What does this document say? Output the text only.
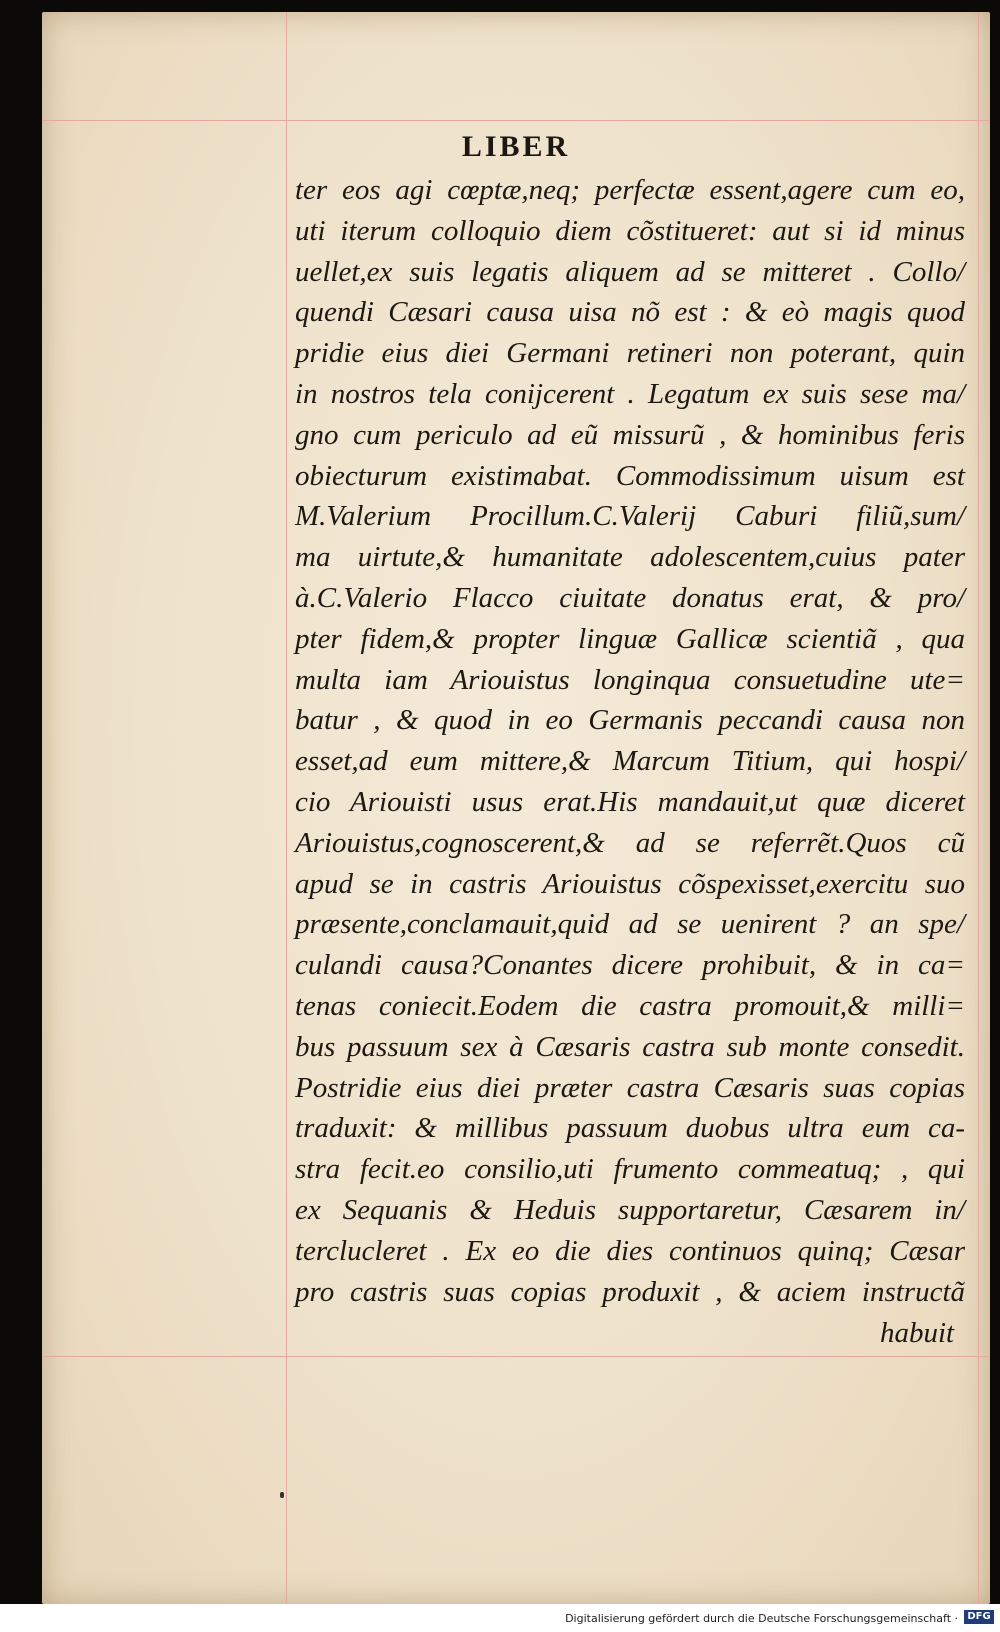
LIBER
ter eos agi cœptæ,neq; perfectæ essent,agere cum eo,
uti iterum colloquio diem cõstitueret: aut si id minus
uellet,ex suis legatis aliquem ad se mitteret . Collo/
quendi Cæsari causa uisa nõ est : & eò magis quod
pridie eius diei Germani retineri non poterant, quin
in nostros tela conijcerent . Legatum ex suis sese ma/
gno cum periculo ad eũ missurũ , & hominibus feris
obiecturum existimabat. Commodissimum uisum est
M.Valerium Procillum.C.Valerij Caburi filiũ,sum/
ma uirtute,& humanitate adolescentem,cuius pater
à.C.Valerio Flacco ciuitate donatus erat, & pro/
pter fidem,& propter linguæ Gallicæ scientiã , qua
multa iam Ariouistus longinqua consuetudine ute=
batur , & quod in eo Germanis peccandi causa non
esset,ad eum mittere,& Marcum Titium, qui hospi/
cio Ariouisti usus erat.His mandauit,ut quæ diceret
Ariouistus,cognoscerent,& ad se referrẽt.Quos cũ
apud se in castris Ariouistus cõspexisset,exercitu suo
præsente,conclamauit,quid ad se uenirent ? an spe/
culandi causa?Conantes dicere prohibuit, & in ca=
tenas coniecit.Eodem die castra promouit,& milli=
bus passuum sex à Cæsaris castra sub monte consedit.
Postridie eius diei præter castra Cæsaris suas copias
traduxit: & millibus passuum duobus ultra eum ca-
stra fecit.eo consilio,uti frumento commeatuq; , qui
ex Sequanis & Heduis supportaretur, Cæsarem in/
terclucleret . Ex eo die dies continuos quinq; Cæsar
pro castris suas copias produxit , & aciem instructã
habuit
Digitalisierung gefördert durch die Deutsche Forschungsgemeinschaft · DFG
